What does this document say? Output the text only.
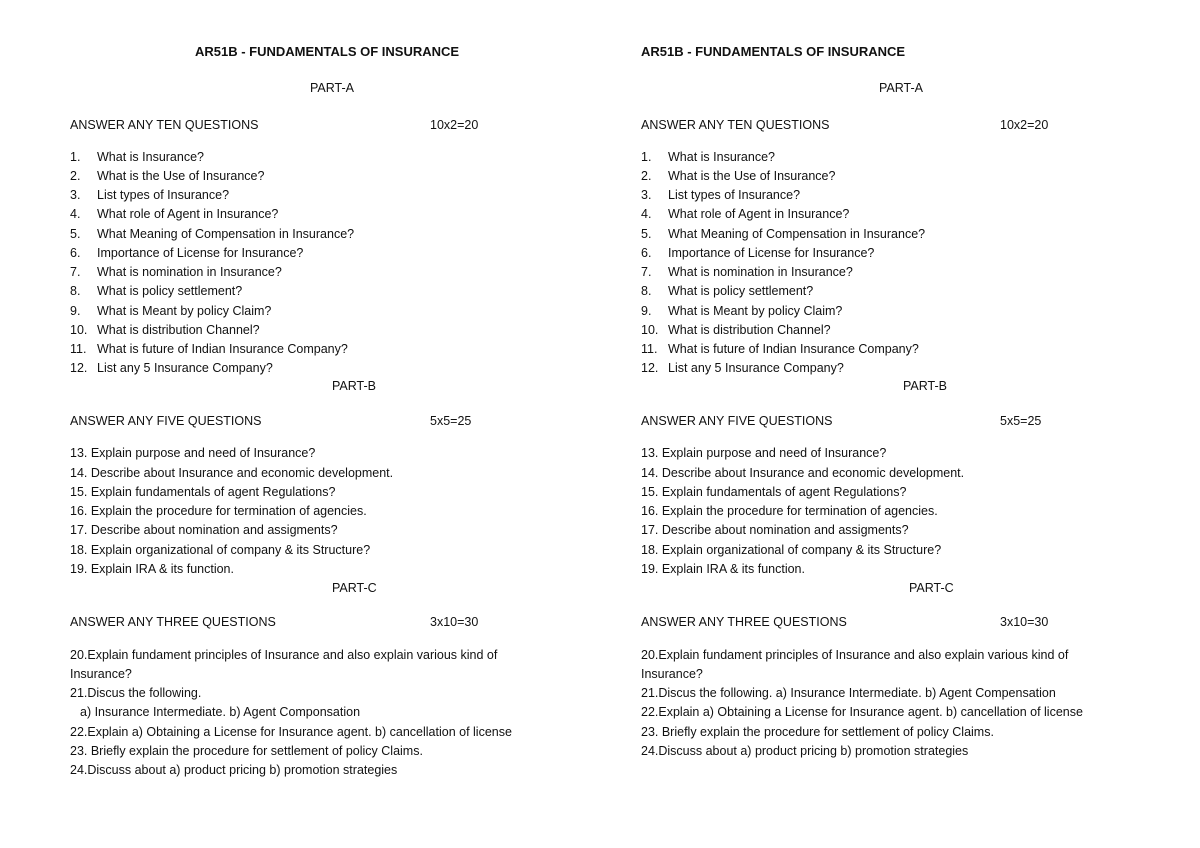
AR51B - FUNDAMENTALS OF INSURANCE
PART-A
ANSWER ANY TEN QUESTIONS	10x2=20
1. What is Insurance?
2. What is the Use of Insurance?
3. List types of Insurance?
4. What role of Agent in Insurance?
5. What Meaning of Compensation in Insurance?
6. Importance of License for Insurance?
7. What is nomination in Insurance?
8. What is policy settlement?
9. What is Meant by policy Claim?
10. What is distribution Channel?
11. What is future of Indian Insurance Company?
12. List any 5 Insurance Company?
PART-B
ANSWER ANY FIVE QUESTIONS	5x5=25
13. Explain purpose and need of Insurance?
14. Describe about Insurance and economic development.
15. Explain fundamentals of agent Regulations?
16. Explain the procedure for termination of agencies.
17. Describe about nomination and assigments?
18. Explain organizational of company & its Structure?
19. Explain IRA & its function.
PART-C
ANSWER ANY THREE QUESTIONS	3x10=30
20.Explain fundament principles of Insurance and also explain various kind of
Insurance?
21.Discus the following.
a) Insurance Intermediate. b) Agent Componsation
22.Explain a) Obtaining a License for Insurance agent. b) cancellation of license
23. Briefly explain the procedure for settlement of policy Claims.
24.Discuss about a) product pricing b) promotion strategies
AR51B - FUNDAMENTALS OF INSURANCE
PART-A
ANSWER ANY TEN QUESTIONS	10x2=20
1. What is Insurance?
2. What is the Use of Insurance?
3. List types of Insurance?
4. What role of Agent in Insurance?
5. What Meaning of Compensation in Insurance?
6. Importance of License for Insurance?
7. What is nomination in Insurance?
8. What is policy settlement?
9. What is Meant by policy Claim?
10. What is distribution Channel?
11. What is future of Indian Insurance Company?
12. List any 5 Insurance Company?
PART-B
ANSWER ANY FIVE QUESTIONS	5x5=25
13. Explain purpose and need of Insurance?
14. Describe about Insurance and economic development.
15. Explain fundamentals of agent Regulations?
16. Explain the procedure for termination of agencies.
17. Describe about nomination and assigments?
18. Explain organizational of company & its Structure?
19. Explain IRA & its function.
PART-C
ANSWER ANY THREE QUESTIONS	3x10=30
20.Explain fundament principles of Insurance and also explain various kind of
Insurance?
21.Discus the following. a) Insurance Intermediate. b) Agent Compensation
22.Explain a) Obtaining a License for Insurance agent. b) cancellation of license
23. Briefly explain the procedure for settlement of policy Claims.
24.Discuss about a) product pricing b) promotion strategies
